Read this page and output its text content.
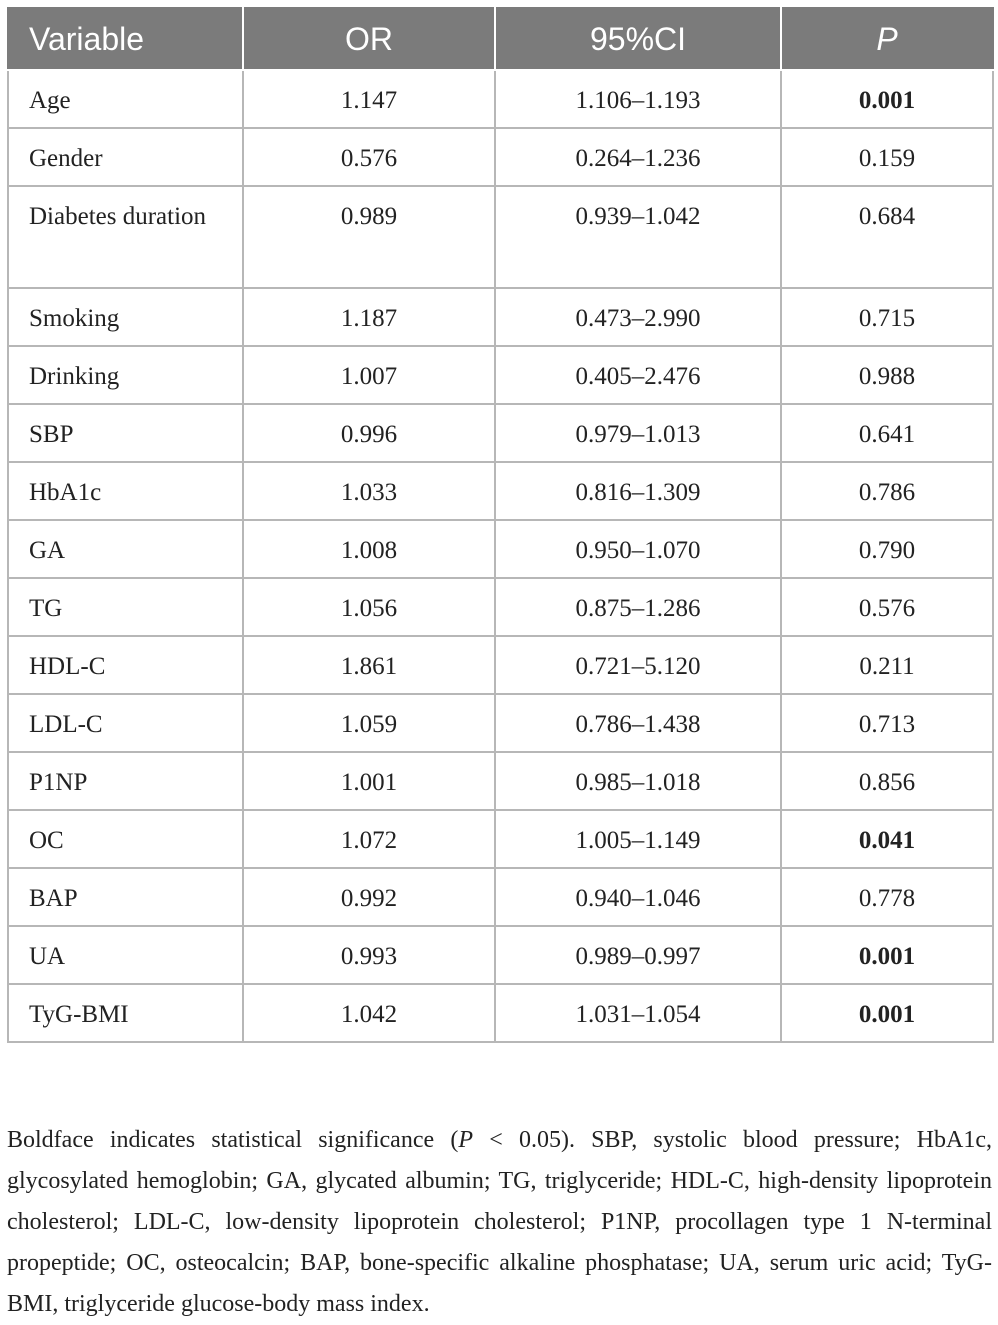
Variable	OR	95%CI	P
Age	1.147	1.106–1.193	0.001
Gender	0.576	0.264–1.236	0.159
Diabetes duration	0.989	0.939–1.042	0.684
Smoking	1.187	0.473–2.990	0.715
Drinking	1.007	0.405–2.476	0.988
SBP	0.996	0.979–1.013	0.641
HbA1c	1.033	0.816–1.309	0.786
GA	1.008	0.950–1.070	0.790
TG	1.056	0.875–1.286	0.576
HDL-C	1.861	0.721–5.120	0.211
LDL-C	1.059	0.786–1.438	0.713
P1NP	1.001	0.985–1.018	0.856
OC	1.072	1.005–1.149	0.041
BAP	0.992	0.940–1.046	0.778
UA	0.993	0.989–0.997	0.001
TyG-BMI	1.042	1.031–1.054	0.001

Boldface indicates statistical significance (P < 0.05). SBP, systolic blood pressure; HbA1c, glycosylated hemoglobin; GA, glycated albumin; TG, triglyceride; HDL-C, high-density lipoprotein cholesterol; LDL-C, low-density lipoprotein cholesterol; P1NP, procollagen type 1 N-terminal propeptide; OC, osteocalcin; BAP, bone-specific alkaline phosphatase; UA, serum uric acid; TyG-BMI, triglyceride glucose-body mass index.
